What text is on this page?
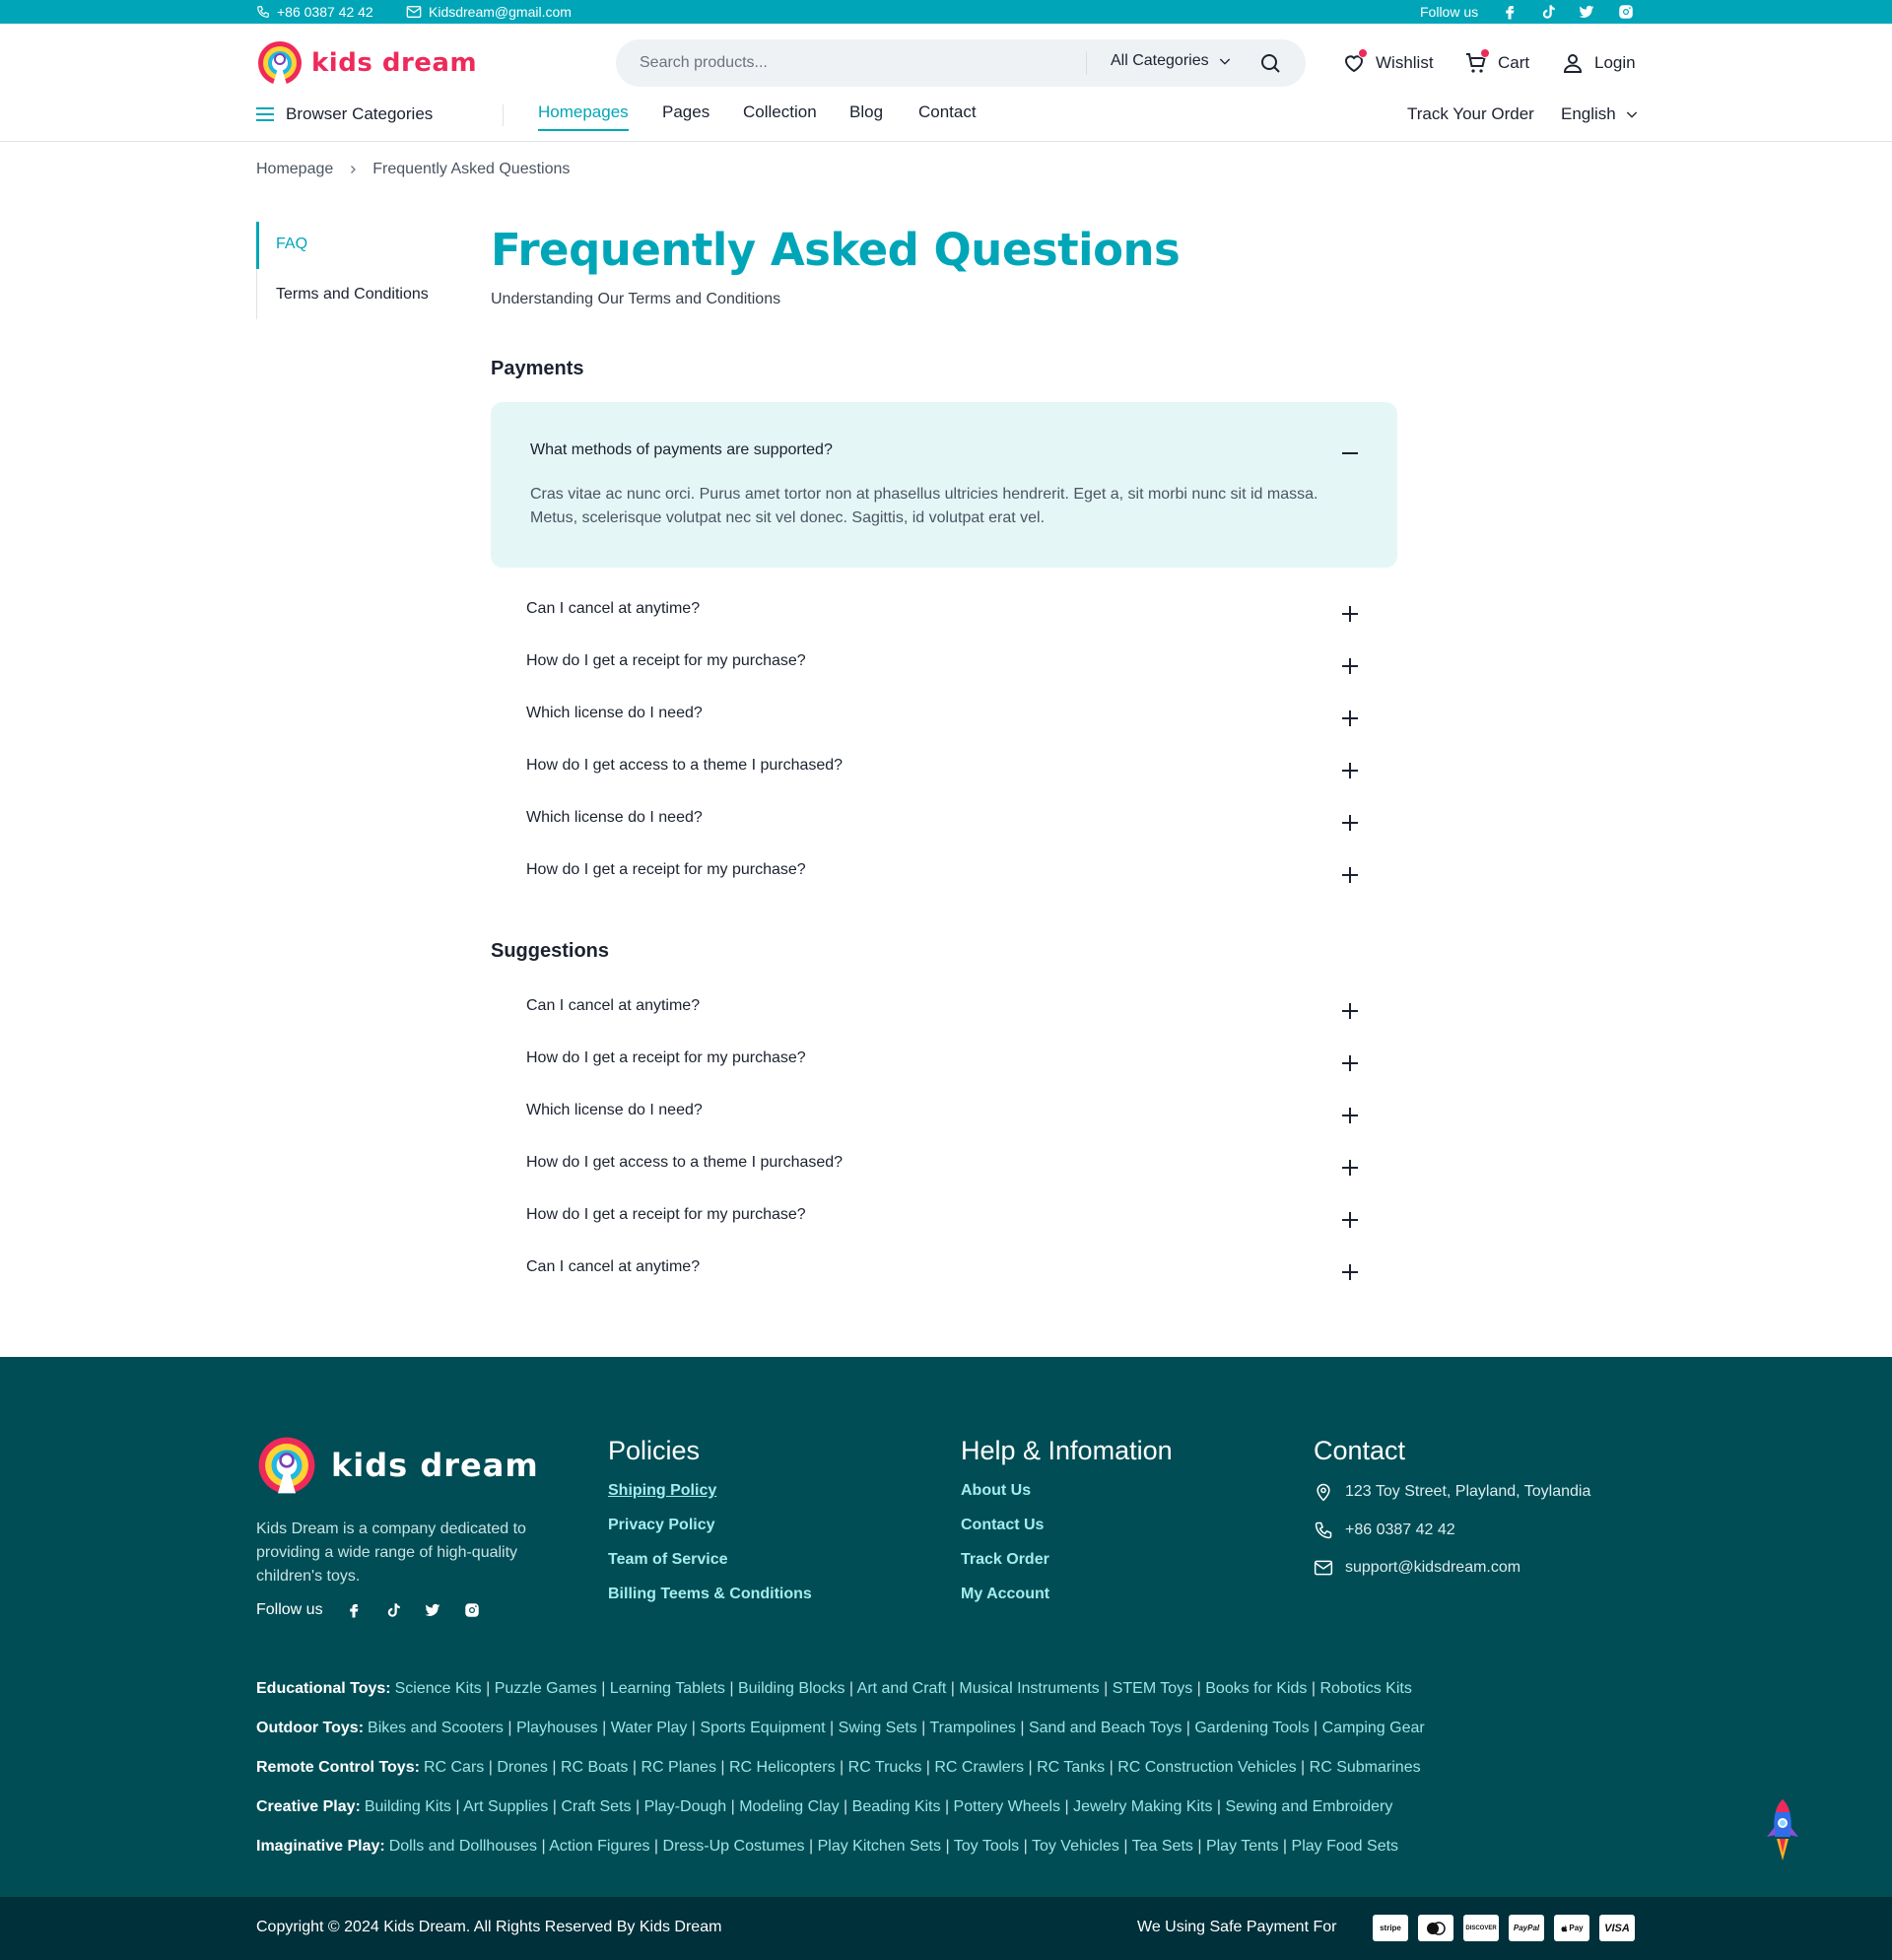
+86 0387 42 42	Kidsdream@gmail.com	Follow us
kids dream
Search products...	All Categories	Wishlist	Cart	Login
Browser Categories	Homepages Pages Collection Blog Contact	Track Your Order English
Homepage	Frequently Asked Questions
FAQ
Terms and Conditions
Frequently Asked Questions

Understanding Our Terms and Conditions

Payments
What methods of payments are supported?

Cras vitae ac nunc orci. Purus amet tortor non at phasellus ultricies hendrerit. Eget a, sit morbi nunc sit id massa. Metus, scelerisque volutpat nec sit vel donec. Sagittis, id volutpat erat vel.

Can I cancel at anytime?
How do I get a receipt for my purchase?
Which license do I need?
How do I get access to a theme I purchased?
Which license do I need?
How do I get a receipt for my purchase?
Suggestions
Can I cancel at anytime?
How do I get a receipt for my purchase?
Which license do I need?
How do I get access to a theme I purchased?
How do I get a receipt for my purchase?
Can I cancel at anytime?
kids dream

Kids Dream is a company dedicated to providing a wide range of high-quality children's toys.

Follow us
Policies
Shiping Policy
Privacy Policy
Team of Service
Billing Teems & Conditions
Help & Infomation
About Us
Contact Us
Track Order
My Account
Contact
123 Toy Street, Playland, Toylandia
+86 0387 42 42
support@kidsdream.com
Educational Toys: Science Kits | Puzzle Games | Learning Tablets | Building Blocks | Art and Craft | Musical Instruments | STEM Toys | Books for Kids | Robotics Kits
Outdoor Toys: Bikes and Scooters | Playhouses | Water Play | Sports Equipment | Swing Sets | Trampolines | Sand and Beach Toys | Gardening Tools | Camping Gear
Remote Control Toys: RC Cars | Drones | RC Boats | RC Planes | RC Helicopters | RC Trucks | RC Crawlers | RC Tanks | RC Construction Vehicles | RC Submarines
Creative Play: Building Kits | Art Supplies | Craft Sets | Play-Dough | Modeling Clay | Beading Kits | Pottery Wheels | Jewelry Making Kits | Sewing and Embroidery
Imaginative Play: Dolls and Dollhouses | Action Figures | Dress-Up Costumes | Play Kitchen Sets | Toy Tools | Toy Vehicles | Tea Sets | Play Tents | Play Food Sets
Copyright © 2024 Kids Dream. All Rights Reserved By Kids Dream	We Using Safe Payment For	stripe	DISCOVER	PayPal	Pay	VISA
